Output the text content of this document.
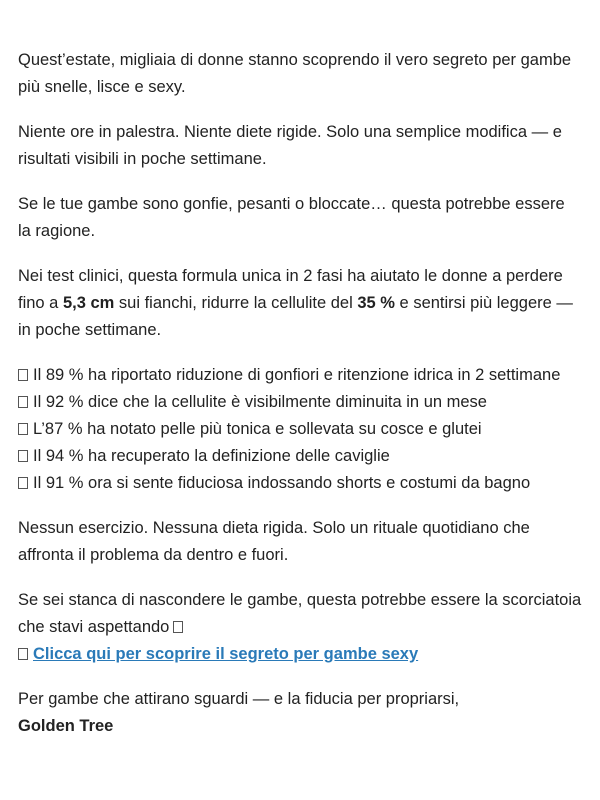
Quest’estate, migliaia di donne stanno scoprendo il vero segreto per gambe più snelle, lisce e sexy.

Niente ore in palestra. Niente diete rigide. Solo una semplice modifica — e risultati visibili in poche settimane.

Se le tue gambe sono gonfie, pesanti o bloccate… questa potrebbe essere la ragione.

Nei test clinici, questa formula unica in 2 fasi ha aiutato le donne a perdere fino a 5,3 cm sui fianchi, ridurre la cellulite del 35 % e sentirsi più leggere — in poche settimane.

Il 89 % ha riportato riduzione di gonfiori e ritenzione idrica in 2 settimane

Il 92 % dice che la cellulite è visibilmente diminuita in un mese

L’87 % ha notato pelle più tonica e sollevata su cosce e glutei

Il 94 % ha recuperato la definizione delle caviglie

Il 91 % ora si sente fiduciosa indossando shorts e costumi da bagno

Nessun esercizio. Nessuna dieta rigida. Solo un rituale quotidiano che affronta il problema da dentro e fuori.

Se sei stanca di nascondere le gambe, questa potrebbe essere la scorciatoia che stavi aspettando
Clicca qui per scoprire il segreto per gambe sexy

Per gambe che attirano sguardi — e la fiducia per propriarsi,
Golden Tree
